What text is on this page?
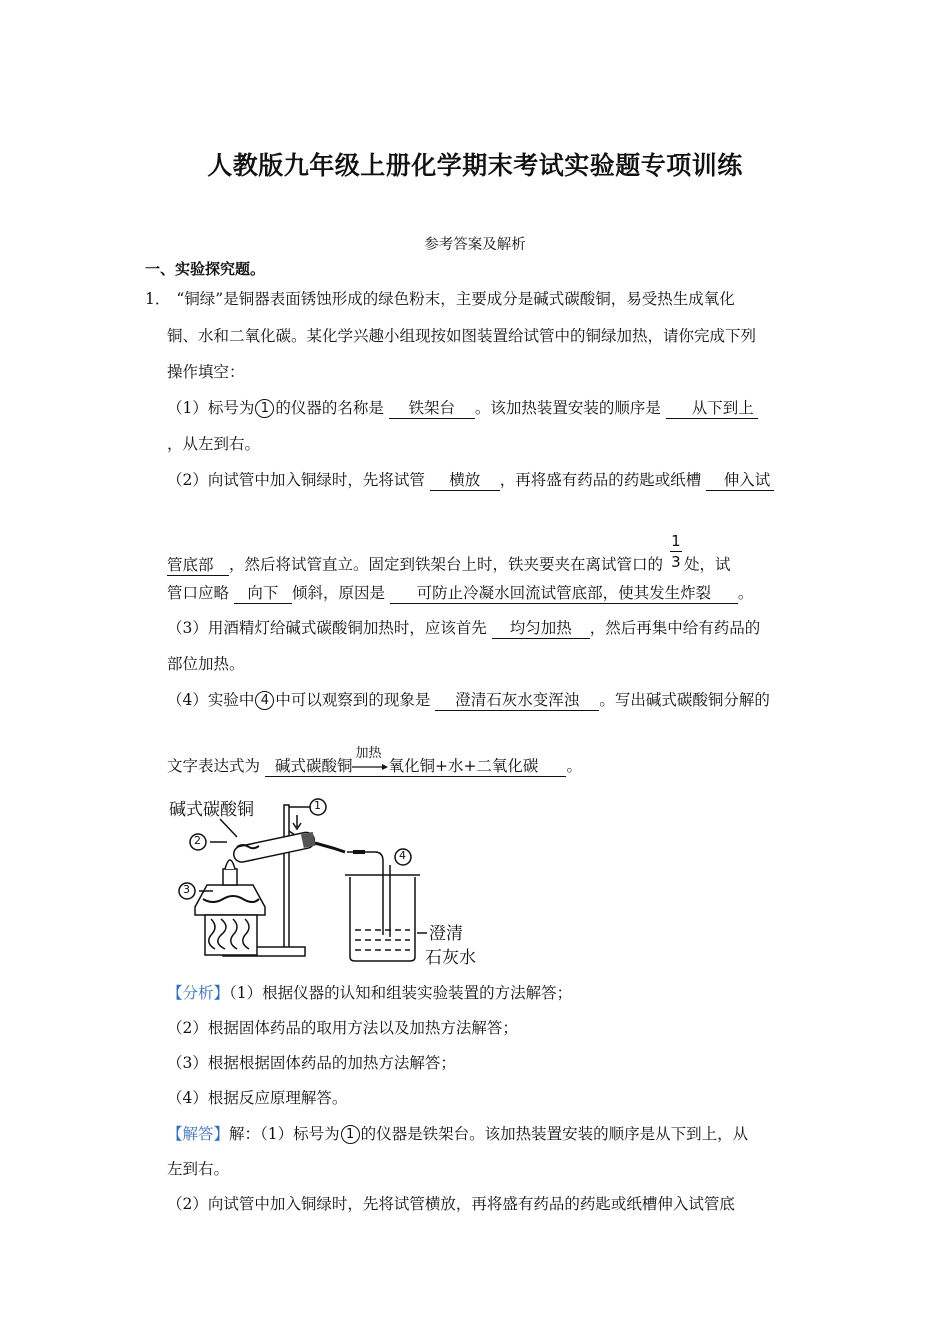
人教版九年级上册化学期末考试实验题专项训练
参考答案及解析
一、实验探究题。
1． “铜绿”是铜器表面锈蚀形成的绿色粉末，主要成分是碱式碳酸铜，易受热生成氧化
铜、水和二氧化碳。某化学兴趣小组现按如图装置给试管中的铜绿加热，请你完成下列
操作填空：
（1）标号为 1 的仪器的名称是 铁架台 。该加热装置安装的顺序是 从下到上
，从左到右。
（2）向试管中加入铜绿时，先将试管 横放 ，再将盛有药品的药匙或纸槽 伸入试
管底部 ，然后将试管直立。固定到铁架台上时，铁夹要夹在离试管口的 $\frac{1}{3}$ 处，试
管口应略 向下 倾斜，原因是 可防止冷凝水回流试管底部，使其发生炸裂 。
（3）用酒精灯给碱式碳酸铜加热时，应该首先 均匀加热 ，然后再集中给有药品的
部位加热。
（4）实验中 4 中可以观察到的现象是 澄清石灰水变浑浊 。写出碱式碳酸铜分解的
文字表达式为 碱式碳酸铜
加热
氧化铜+水+二氧化碳 。
碱式碳酸铜	1
2
3
4
澄清
石灰水
【分析】（1）根据仪器的认知和组装实验装置的方法解答；
（2）根据固体药品的取用方法以及加热方法解答；
（3）根据根据固体药品的加热方法解答；
（4）根据反应原理解答。
【解答】解：（1）标号为 1 的仪器是铁架台。该加热装置安装的顺序是从下到上，从
左到右。
（2）向试管中加入铜绿时，先将试管横放，再将盛有药品的药匙或纸槽伸入试管底
